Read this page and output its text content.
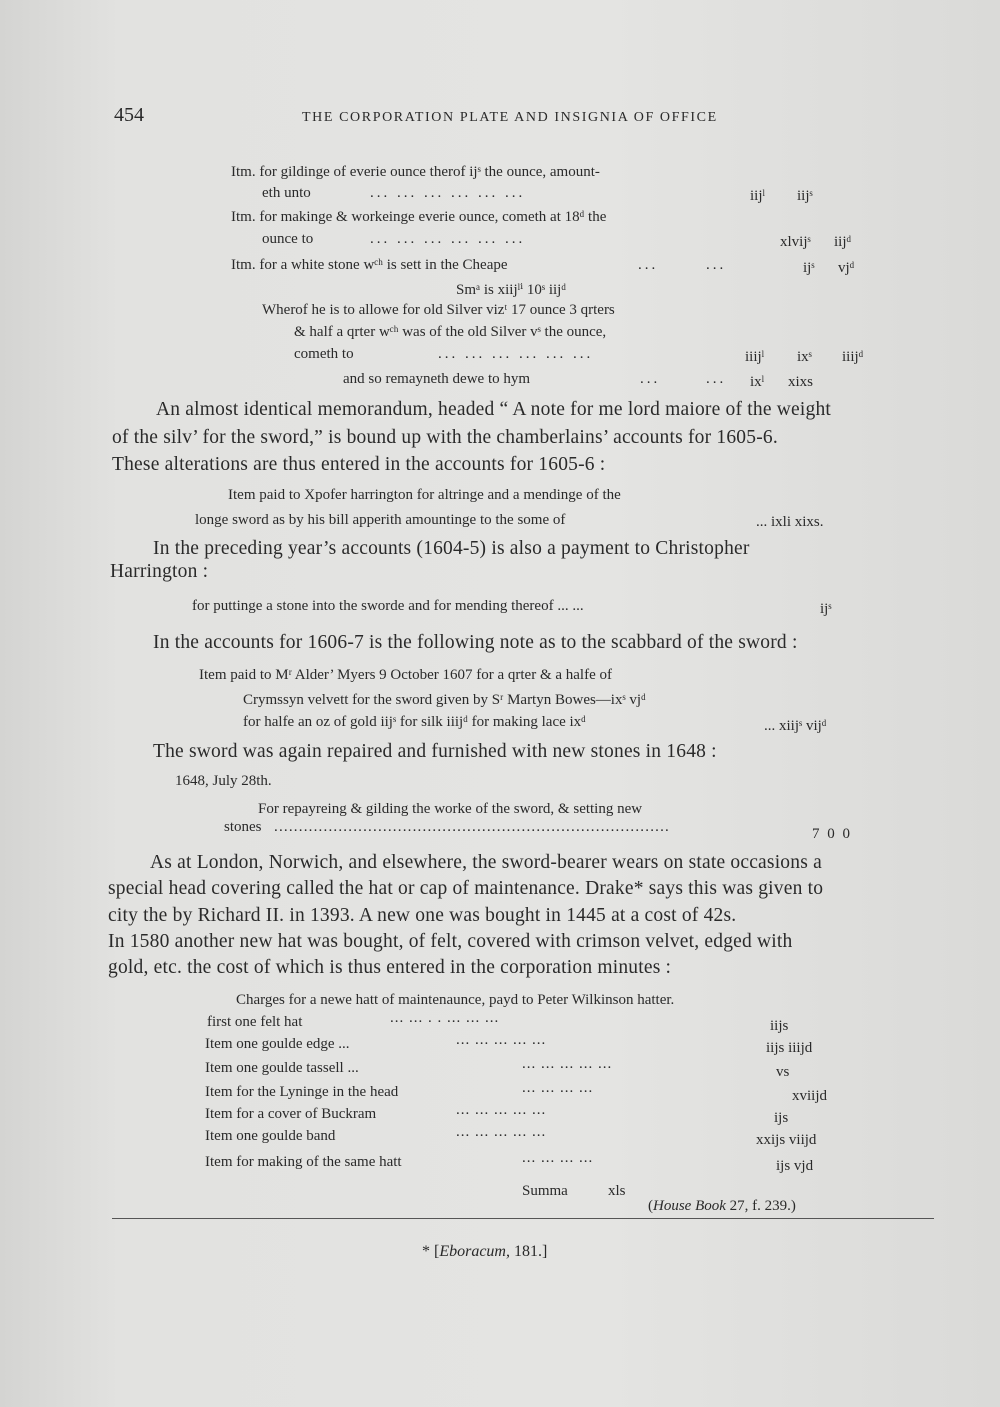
454	THE CORPORATION PLATE AND INSIGNIA OF OFFICE
Itm. for gildinge of everie ounce therof ijˢ the ounce, amount-
eth unto	... ... ... ... ... ...	iijˡ iijˢ
Itm. for makinge & workeinge everie ounce, cometh at 18ᵈ the
ounce to	... ... ... ... ... ...	xlvijˢ iijᵈ
Itm. for a white stone wᶜʰ is sett in the Cheape	...	...	ijˢ vjᵈ
Smᵃ is xiijˡⁱ 10ˢ iijᵈ
Wherof he is to allowe for old Silver vizᵗ 17 ounce 3 qrters
& half a qrter wᶜʰ was of the old Silver vˢ the ounce,
cometh to	... ... ... ... ... ...	iiijˡ ixˢ iiijᵈ
and so remayneth dewe to hym	...	... ixˡ xixs
An almost identical memorandum, headed “ A note for me lord maiore of the weight
of the silv’ for the sword,” is bound up with the chamberlains’ accounts for 1605-6.
These alterations are thus entered in the accounts for 1605-6 :
Item paid to Xpofer harrington for altringe and a mendinge of the
longe sword as by his bill apperith amountinge to the some of	... ixli xixs.
In the preceding year’s accounts (1604-5) is also a payment to Christopher
Harrington :
for puttinge a stone into the sworde and for mending thereof ... ...	ijˢ
In the accounts for 1606-7 is the following note as to the scabbard of the sword :
Item paid to Mʳ Alder’ Myers 9 October 1607 for a qrter & a halfe of
Crymssyn velvett for the sword given by Sʳ Martyn Bowes—ixˢ vjᵈ
for halfe an oz of gold iijˢ for silk iiijᵈ for making lace ixᵈ	... xiijˢ vijᵈ
The sword was again repaired and furnished with new stones in 1648 :
1648, July 28th.
For repayreing & gilding the worke of the sword, & setting new
stones ................................................................................	7 0 0
As at London, Norwich, and elsewhere, the sword-bearer wears on state occasions a
special head covering called the hat or cap of maintenance. Drake* says this was given to
city the by Richard II. in 1393. A new one was bought in 1445 at a cost of 42s.
In 1580 another new hat was bought, of felt, covered with crimson velvet, edged with
gold, etc. the cost of which is thus entered in the corporation minutes :
Charges for a newe hatt of maintenaunce, payd to Peter Wilkinson hatter.
first one felt hat	... ... . . ... ... ...	iijs
Item one goulde edge ...	... ... ... ... ...	iijs iiijd
Item one goulde tassell ...	... ... ... ... ...	vs
Item for the Lyninge in the head	... ... ... ...	xviijd
Item for a cover of Buckram	... ... ... ... ...	ijs
Item one goulde band	... ... ... ... ...	xxijs viijd
Item for making of the same hatt	... ... ... ...	ijs vjd
Summa	xls
(House Book 27, f. 239.)
* [Eboracum, 181.]
